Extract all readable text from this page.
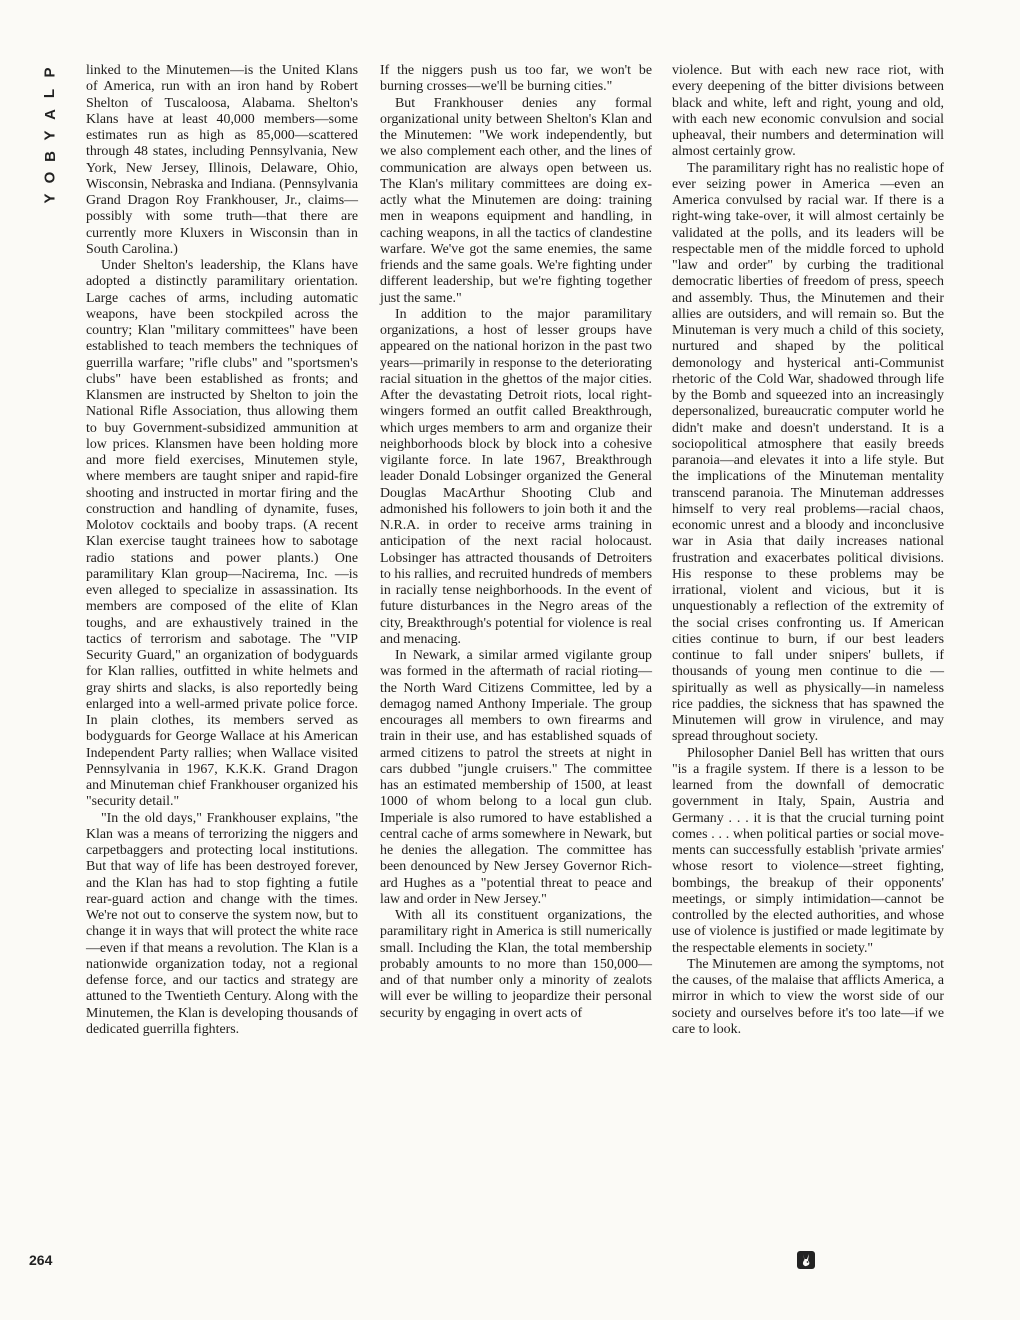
P
L
A
Y
B
O
Y

linked to the Minutemen—is the United Klans of America, run with an iron hand by Robert Shelton of Tuscaloosa, Alabama. Shelton's Klans have at least 40,000 members—some estimates run as high as 85,000—scattered through 48 states, including Pennsylvania, New York, New Jersey, Illinois, Delaware, Ohio, Wisconsin, Nebraska and Indiana. (Pennsylvania Grand Dragon Roy Frankhouser, Jr., claims—possibly with some truth—that there are currently more Kluxers in Wisconsin than in South Carolina.)

Under Shelton's leadership, the Klans have adopted a distinctly paramilitary orientation. Large caches of arms, including automatic weapons, have been stockpiled across the country; Klan "military committees" have been established to teach members the techniques of guerrilla warfare; "rifle clubs" and "sportsmen's clubs" have been established as fronts; and Klansmen are instructed by Shelton to join the National Rifle Association, thus allowing them to buy Government-subsidized ammunition at low prices. Klansmen have been holding more and more field exercises, Minutemen style, where members are taught sniper and rapid-fire shooting and instructed in mortar firing and the construction and handling of dynamite, fuses, Molotov cocktails and booby traps. (A recent Klan exercise taught trainees how to sabotage radio stations and power plants.) One paramilitary Klan group—Nacirema, Inc. —is even alleged to specialize in assassination. Its members are composed of the elite of Klan toughs, and are exhaustively trained in the tactics of terrorism and sabotage. The "VIP Security Guard," an organization of bodyguards for Klan rallies, outfitted in white helmets and gray shirts and slacks, is also reportedly being enlarged into a well-armed private police force. In plain clothes, its members served as bodyguards for George Wallace at his American Independent Party rallies; when Wallace visited Pennsylvania in 1967, K.K.K. Grand Dragon and Minuteman chief Frankhouser organized his "security detail."

"In the old days," Frankhouser explains, "the Klan was a means of terrorizing the niggers and carpetbaggers and protecting local institutions. But that way of life has been destroyed forever, and the Klan has had to stop fighting a futile rear-guard action and change with the times. We're not out to conserve the system now, but to change it in ways that will protect the white race—even if that means a revolution. The Klan is a nationwide organization today, not a regional defense force, and our tactics and strategy are attuned to the Twentieth Century. Along with the Minutemen, the Klan is developing thousands of dedicated guerrilla fighters.

If the niggers push us too far, we won't be burning crosses—we'll be burning cities."

But Frankhouser denies any formal organizational unity between Shelton's Klan and the Minutemen: "We work independently, but we also complement each other, and the lines of communication are always open between us. The Klan's military committees are doing exactly what the Minutemen are doing: training men in weapons equipment and handling, in caching weapons, in all the tactics of clandestine warfare. We've got the same enemies, the same friends and the same goals. We're fighting under different leadership, but we're fighting together just the same."

In addition to the major paramilitary organizations, a host of lesser groups have appeared on the national horizon in the past two years—primarily in response to the deteriorating racial situation in the ghettos of the major cities. After the devastating Detroit riots, local right-wingers formed an outfit called Breakthrough, which urges members to arm and organize their neighborhoods block by block into a cohesive vigilante force. In late 1967, Breakthrough leader Donald Lobsinger organized the General Douglas MacArthur Shooting Club and admonished his followers to join both it and the N.R.A. in order to receive arms training in anticipation of the next racial holocaust. Lobsinger has attracted thousands of Detroiters to his rallies, and recruited hundreds of members in racially tense neighborhoods. In the event of future disturbances in the Negro areas of the city, Breakthrough's potential for violence is real and menacing.

In Newark, a similar armed vigilante group was formed in the aftermath of racial rioting—the North Ward Citizens Committee, led by a demagog named Anthony Imperiale. The group encourages all members to own firearms and train in their use, and has established squads of armed citizens to patrol the streets at night in cars dubbed "jungle cruisers." The committee has an estimated membership of 1500, at least 1000 of whom belong to a local gun club. Imperiale is also rumored to have established a central cache of arms somewhere in Newark, but he denies the allegation. The committee has been denounced by New Jersey Governor Richard Hughes as a "potential threat to peace and law and order in New Jersey."

With all its constituent organizations, the paramilitary right in America is still numerically small. Including the Klan, the total membership probably amounts to no more than 150,000—and of that number only a minority of zealots will ever be willing to jeopardize their personal security by engaging in overt acts of

violence. But with each new race riot, with every deepening of the bitter divisions between black and white, left and right, young and old, with each new economic convulsion and social upheaval, their numbers and determination will almost certainly grow.

The paramilitary right has no realistic hope of ever seizing power in America —even an America convulsed by racial war. If there is a right-wing take-over, it will almost certainly be validated at the polls, and its leaders will be respectable men of the middle forced to uphold "law and order" by curbing the traditional democratic liberties of freedom of press, speech and assembly. Thus, the Minutemen and their allies are outsiders, and will remain so. But the Minuteman is very much a child of this society, nurtured and shaped by the political demonology and hysterical anti-Communist rhetoric of the Cold War, shadowed through life by the Bomb and squeezed into an increasingly depersonalized, bureaucratic computer world he didn't make and doesn't understand. It is a sociopolitical atmosphere that easily breeds paranoia—and elevates it into a life style. But the implications of the Minuteman mentality transcend paranoia. The Minuteman addresses himself to very real problems—racial chaos, economic unrest and a bloody and inconclusive war in Asia that daily increases national frustration and exacerbates political divisions. His response to these problems may be irrational, violent and vicious, but it is unquestionably a reflection of the extremity of the social crises confronting us. If American cities continue to burn, if our best leaders continue to fall under snipers' bullets, if thousands of young men continue to die —spiritually as well as physically—in nameless rice paddies, the sickness that has spawned the Minutemen will grow in virulence, and may spread throughout society.

Philosopher Daniel Bell has written that ours "is a fragile system. If there is a lesson to be learned from the downfall of democratic government in Italy, Spain, Austria and Germany . . . it is that the crucial turning point comes . . . when political parties or social movements can successfully establish 'private armies' whose resort to violence—street fighting, bombings, the breakup of their opponents' meetings, or simply intimidation—cannot be controlled by the elected authorities, and whose use of violence is justified or made legitimate by the respectable elements in society."

The Minutemen are among the symptoms, not the causes, of the malaise that afflicts America, a mirror in which to view the worst side of our society and ourselves before it's too late—if we care to look.

264
